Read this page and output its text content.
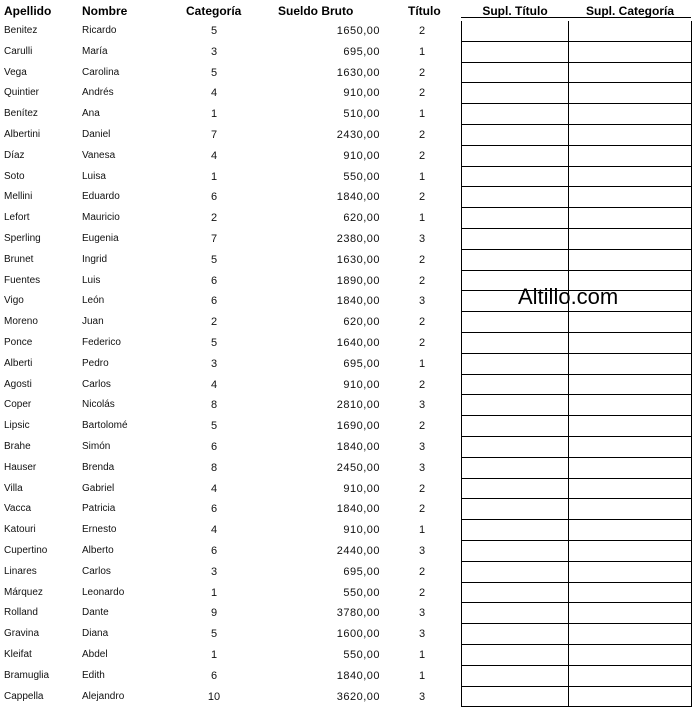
Apellido	Nombre	Categoría	Sueldo Bruto	Título	Supl. Título	Supl. Categoría
Benitez	Ricardo	5	1650,00	2
Carulli	María	3	695,00	1
Vega	Carolina	5	1630,00	2
Quintier	Andrés	4	910,00	2
Benítez	Ana	1	510,00	1
Albertini	Daniel	7	2430,00	2
Díaz	Vanesa	4	910,00	2
Soto	Luisa	1	550,00	1
Mellini	Eduardo	6	1840,00	2
Lefort	Mauricio	2	620,00	1
Sperling	Eugenia	7	2380,00	3
Brunet	Ingrid	5	1630,00	2
Fuentes	Luis	6	1890,00	2
Vigo	León	6	1840,00	3
Moreno	Juan	2	620,00	2
Ponce	Federico	5	1640,00	2
Alberti	Pedro	3	695,00	1
Agosti	Carlos	4	910,00	2
Coper	Nicolás	8	2810,00	3
Lipsic	Bartolomé	5	1690,00	2
Brahe	Simón	6	1840,00	3
Hauser	Brenda	8	2450,00	3
Villa	Gabriel	4	910,00	2
Vacca	Patricia	6	1840,00	2
Katouri	Ernesto	4	910,00	1
Cupertino	Alberto	6	2440,00	3
Linares	Carlos	3	695,00	2
Márquez	Leonardo	1	550,00	2
Rolland	Dante	9	3780,00	3
Gravina	Diana	5	1600,00	3
Kleifat	Abdel	1	550,00	1
Bramuglia	Edith	6	1840,00	1
Cappella	Alejandro	10	3620,00	3
Altillo.com
